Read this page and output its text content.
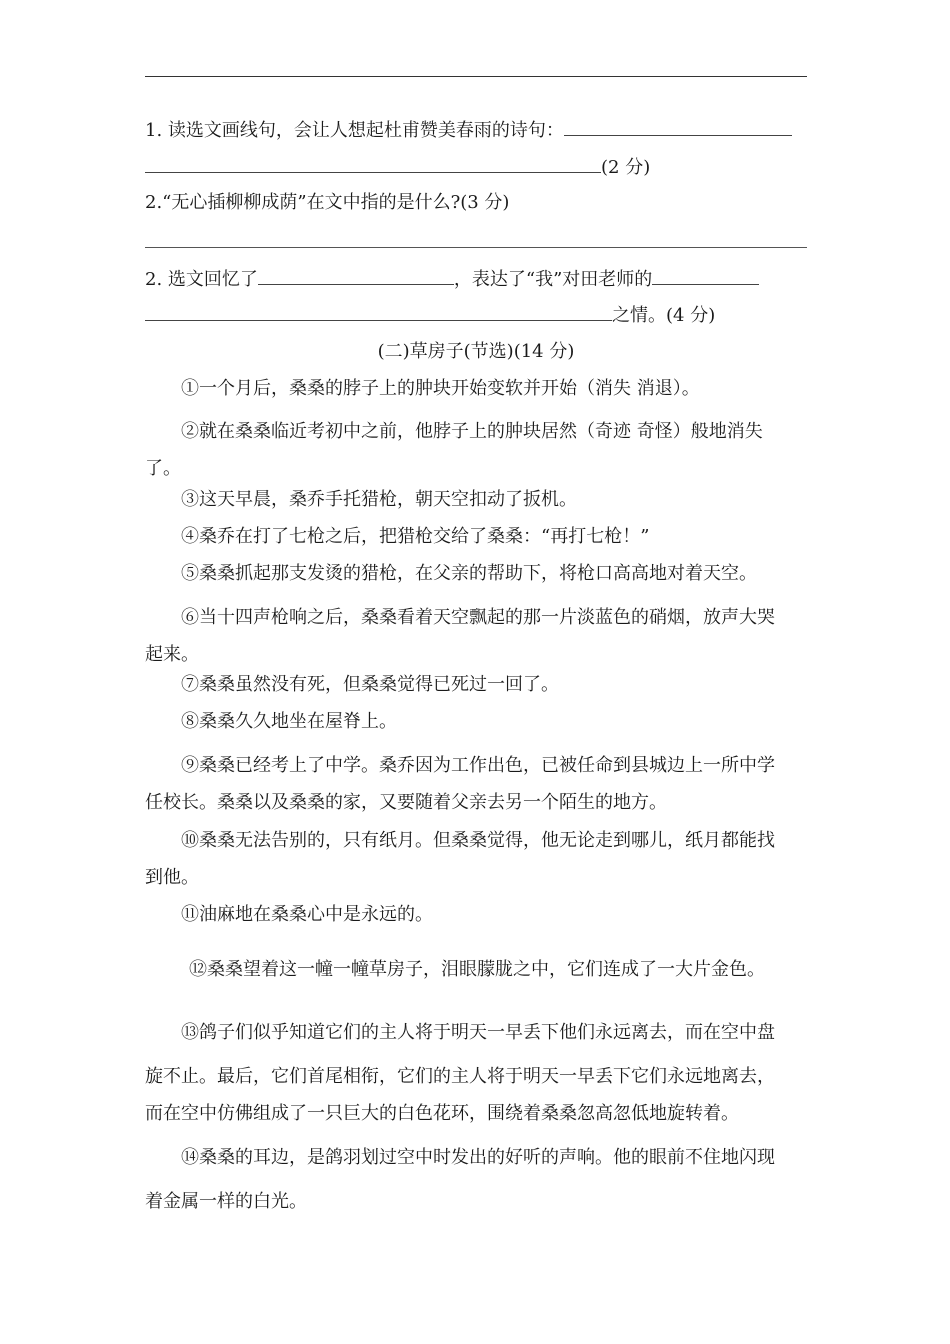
1. 读选文画线句，会让人想起杜甫赞美春雨的诗句：
(2 分)
2.“无心插柳柳成荫”在文中指的是什么?(3 分)
2. 选文回忆了	，表达了“我”对田老师的
之情。(4 分)
(二)草房子(节选)(14 分)
①一个月后，桑桑的脖子上的肿块开始变软并开始（消失 消退）。
②就在桑桑临近考初中之前，他脖子上的肿块居然（奇迹 奇怪）般地消失
了。
③这天早晨，桑乔手托猎枪，朝天空扣动了扳机。
④桑乔在打了七枪之后，把猎枪交给了桑桑：“再打七枪！”
⑤桑桑抓起那支发烫的猎枪，在父亲的帮助下，将枪口高高地对着天空。
⑥当十四声枪响之后，桑桑看着天空飘起的那一片淡蓝色的硝烟，放声大哭
起来。
⑦桑桑虽然没有死，但桑桑觉得已死过一回了。
⑧桑桑久久地坐在屋脊上。
⑨桑桑已经考上了中学。桑乔因为工作出色，已被任命到县城边上一所中学
任校长。桑桑以及桑桑的家，又要随着父亲去另一个陌生的地方。
⑩桑桑无法告别的，只有纸月。但桑桑觉得，他无论走到哪儿，纸月都能找
到他。
⑪油麻地在桑桑心中是永远的。
⑫桑桑望着这一幢一幢草房子，泪眼朦胧之中，它们连成了一大片金色。
⑬鸽子们似乎知道它们的主人将于明天一早丢下他们永远离去，而在空中盘
旋不止。最后，它们首尾相衔，它们的主人将于明天一早丢下它们永远地离去，
而在空中仿佛组成了一只巨大的白色花环，围绕着桑桑忽高忽低地旋转着。
⑭桑桑的耳边，是鸽羽划过空中时发出的好听的声响。他的眼前不住地闪现
着金属一样的白光。
